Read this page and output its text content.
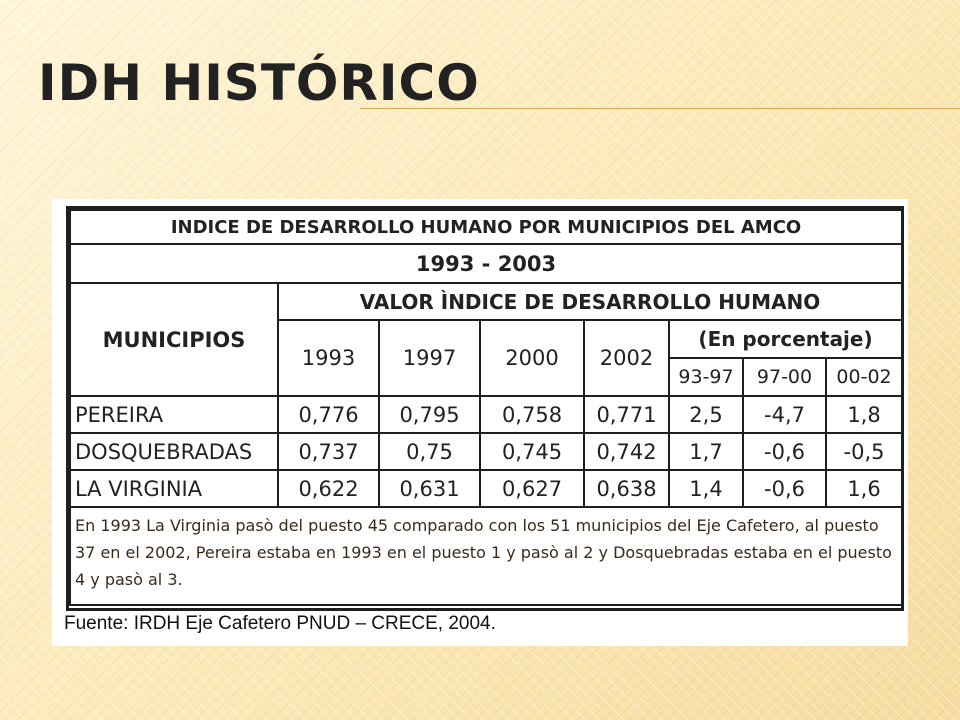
IDH HISTÓRICO
INDICE DE DESARROLLO HUMANO POR MUNICIPIOS DEL AMCO							
1993 - 2003							
MUNICIPIOS	VALOR ÌNDICE DE DESARROLLO HUMANO						
	1993	1997	2000	2002	(En porcentaje)		
					93-97	97-00	00-02
PEREIRA	0,776	0,795	0,758	0,771	2,5	-4,7	1,8
DOSQUEBRADAS	0,737	0,75	0,745	0,742	1,7	-0,6	-0,5
LA VIRGINIA	0,622	0,631	0,627	0,638	1,4	-0,6	1,6
En 1993 La Virginia pasò del puesto 45 comparado con los 51 municipios del Eje Cafetero, al puesto 37 en el 2002, Pereira estaba en 1993 en el puesto 1 y pasò al 2 y Dosquebradas estaba en el puesto 4 y pasò al 3.							

Fuente: IRDH Eje Cafetero PNUD – CRECE, 2004.
